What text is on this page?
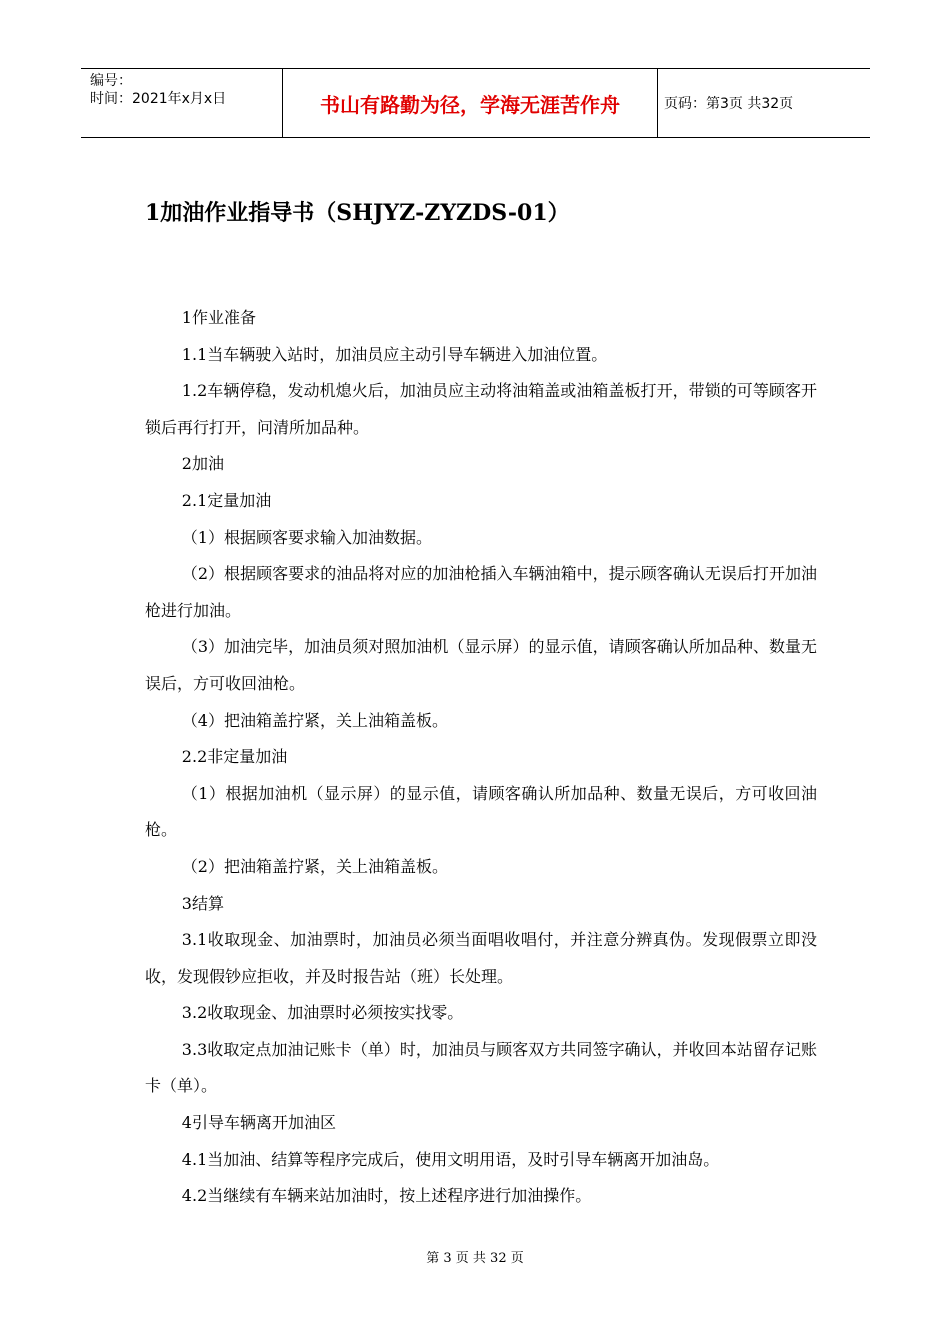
编号：
时间：2021年x月x日	书山有路勤为径，学海无涯苦作舟	页码：第3页 共32页
1加油作业指导书（SHJYZ-ZYZDS-01）

1作业准备

1.1当车辆驶入站时，加油员应主动引导车辆进入加油位置。

1.2车辆停稳，发动机熄火后，加油员应主动将油箱盖或油箱盖板打开，带锁的可等顾客开锁后再行打开，问清所加品种。

2加油

2.1定量加油

（1）根据顾客要求输入加油数据。

（2）根据顾客要求的油品将对应的加油枪插入车辆油箱中，提示顾客确认无误后打开加油枪进行加油。

（3）加油完毕，加油员须对照加油机（显示屏）的显示值，请顾客确认所加品种、数量无误后，方可收回油枪。

（4）把油箱盖拧紧，关上油箱盖板。

2.2非定量加油

（1）根据加油机（显示屏）的显示值，请顾客确认所加品种、数量无误后，方可收回油枪。

（2）把油箱盖拧紧，关上油箱盖板。

3结算

3.1收取现金、加油票时，加油员必须当面唱收唱付，并注意分辨真伪。发现假票立即没收，发现假钞应拒收，并及时报告站（班）长处理。

3.2收取现金、加油票时必须按实找零。

3.3收取定点加油记账卡（单）时，加油员与顾客双方共同签字确认，并收回本站留存记账卡（单）。

4引导车辆离开加油区

4.1当加油、结算等程序完成后，使用文明用语，及时引导车辆离开加油岛。

4.2当继续有车辆来站加油时，按上述程序进行加油操作。

第 3 页 共 32 页
